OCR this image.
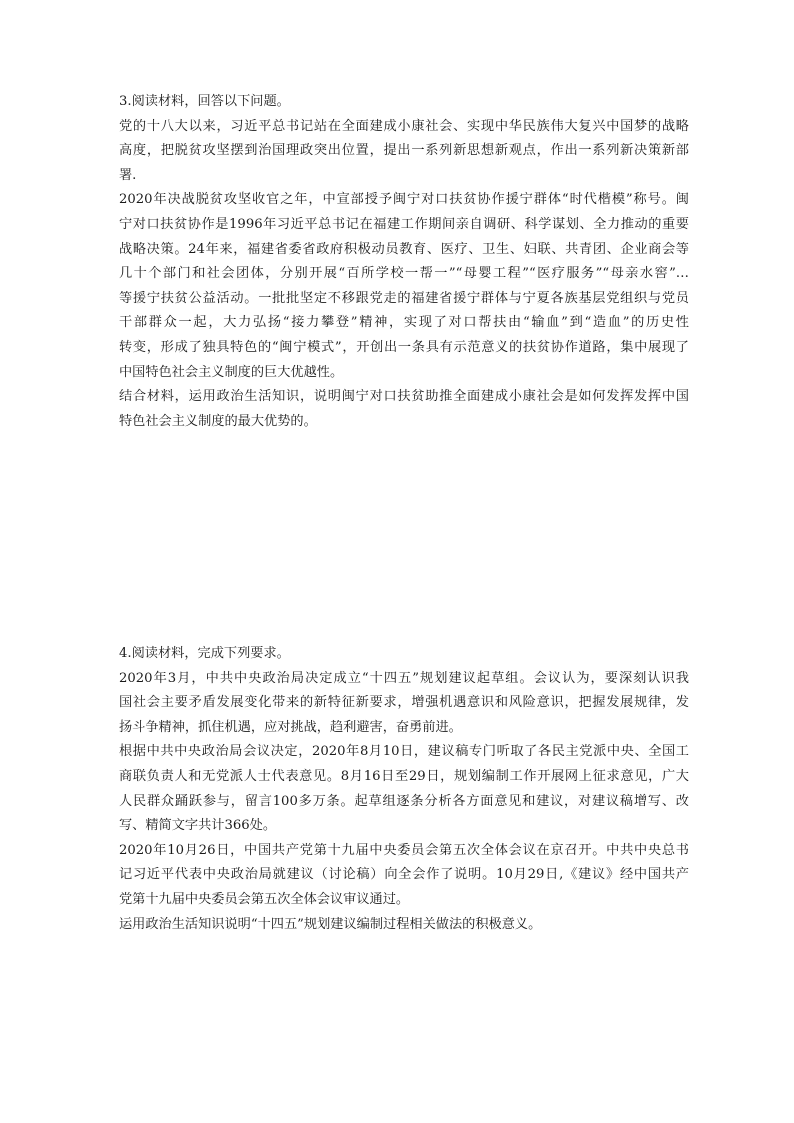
3.阅读材料，回答以下问题。
党的十八大以来，习近平总书记站在全面建成小康社会、实现中华民族伟大复兴中国梦的战略
高度，把脱贫攻坚摆到治国理政突出位置，提出一系列新思想新观点，作出一系列新决策新部
署.
2020年决战脱贫攻坚收官之年，中宣部授予闽宁对口扶贫协作援宁群体“时代楷模”称号。闽
宁对口扶贫协作是1996年习近平总书记在福建工作期间亲自调研、科学谋划、全力推动的重要
战略决策。24年来，福建省委省政府积极动员教育、医疗、卫生、妇联、共青团、企业商会等
几十个部门和社会团体，分别开展“百所学校一帮一”“母婴工程”“医疗服务”“母亲水窖”…
等援宁扶贫公益活动。一批批坚定不移跟党走的福建省援宁群体与宁夏各族基层党组织与党员
干部群众一起，大力弘扬“接力攀登”精神，实现了对口帮扶由“输血”到“造血”的历史性
转变，形成了独具特色的“闽宁模式”，开创出一条具有示范意义的扶贫协作道路，集中展现了
中国特色社会主义制度的巨大优越性。
结合材料，运用政治生活知识，说明闽宁对口扶贫助推全面建成小康社会是如何发挥发挥中国
特色社会主义制度的最大优势的。
4.阅读材料，完成下列要求。
2020年3月，中共中央政治局决定成立“十四五”规划建议起草组。会议认为，要深刻认识我
国社会主要矛盾发展变化带来的新特征新要求，增强机遇意识和风险意识，把握发展规律，发
扬斗争精神，抓住机遇，应对挑战，趋利避害，奋勇前进。
根据中共中央政治局会议决定，2020年8月10日，建议稿专门听取了各民主党派中央、全国工
商联负责人和无党派人士代表意见。8月16日至29日，规划编制工作开展网上征求意见，广大
人民群众踊跃参与，留言100多万条。起草组逐条分析各方面意见和建议，对建议稿增写、改
写、精简文字共计366处。
2020年10月26日，中国共产党第十九届中央委员会第五次全体会议在京召开。中共中央总书
记习近平代表中央政治局就建议（讨论稿）向全会作了说明。10月29日,《建议》经中国共产
党第十九届中央委员会第五次全体会议审议通过。
运用政治生活知识说明“十四五”规划建议编制过程相关做法的积极意义。
